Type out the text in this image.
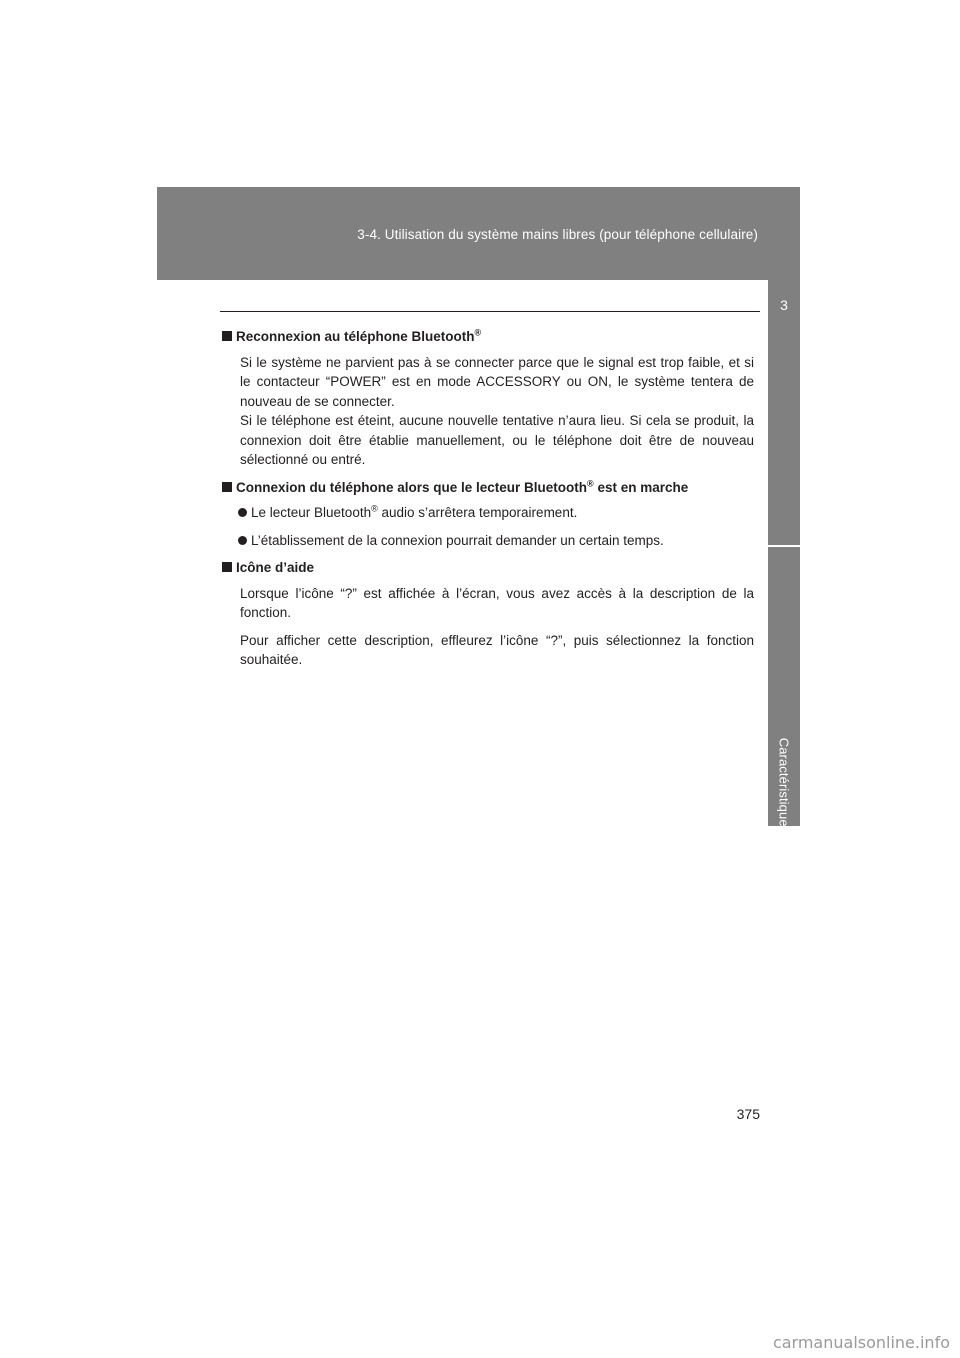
3-4. Utilisation du système mains libres (pour téléphone cellulaire)
3
Caractéristiques de l’habitacle
Reconnexion au téléphone Bluetooth®

Si le système ne parvient pas à se connecter parce que le signal est trop faible, et si le contacteur “POWER” est en mode ACCESSORY ou ON, le système tentera de nouveau de se connecter.

Si le téléphone est éteint, aucune nouvelle tentative n’aura lieu. Si cela se produit, la connexion doit être établie manuellement, ou le téléphone doit être de nouveau sélectionné ou entré.

Connexion du téléphone alors que le lecteur Bluetooth® est en marche
Le lecteur Bluetooth® audio s’arrêtera temporairement.
L’établissement de la connexion pourrait demander un certain temps.
Icône d’aide

Lorsque l’icône “?” est affichée à l’écran, vous avez accès à la description de la fonction.

Pour afficher cette description, effleurez l’icône “?”, puis sélectionnez la fonction souhaitée.

375
carmanualsonline.info
